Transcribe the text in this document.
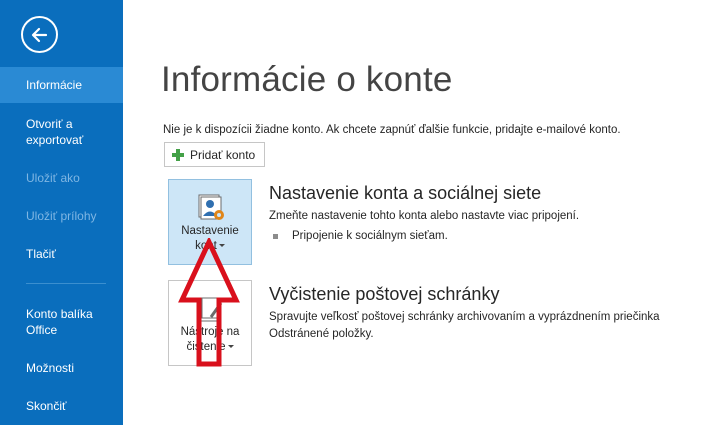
Informácie
Otvoriť a exportovať
Uložiť ako
Uložiť prílohy
Tlačiť
Konto balíka Office
Možnosti
Skončiť
Informácie o konte
Nie je k dispozícii žiadne konto. Ak chcete zapnúť ďalšie funkcie, pridajte e-mailové konto.
Pridať konto
Nastavenie
kont
Nastavenie konta a sociálnej siete
Zmeňte nastavenie tohto konta alebo nastavte viac pripojení.
Pripojenie k sociálnym sieťam.
Nástroje na
čistenie
Vyčistenie poštovej schránky
Spravujte veľkosť poštovej schránky archivovaním a vyprázdnením priečinka
Odstránené položky.
